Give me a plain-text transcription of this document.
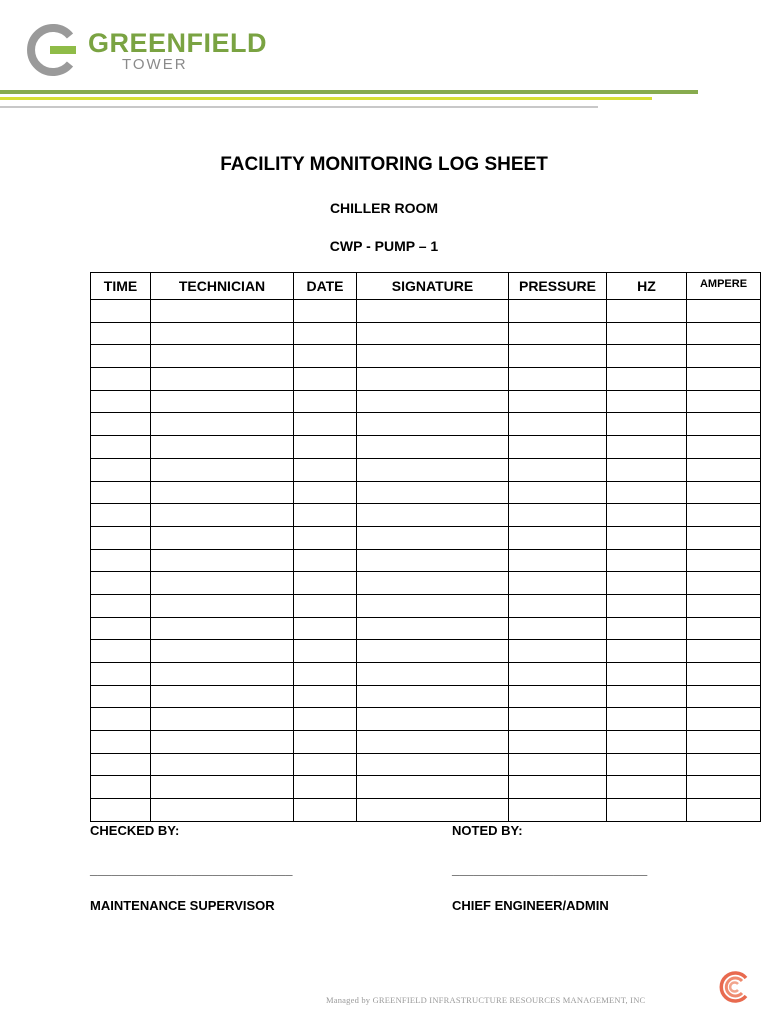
GREENFIELD
TOWER
FACILITY MONITORING LOG SHEET
CHILLER ROOM
CWP - PUMP – 1
TIME	TECHNICIAN	DATE	SIGNATURE	PRESSURE	HZ	AMPERE

CHECKED BY:
____________________________
MAINTENANCE SUPERVISOR
NOTED BY:
___________________________
CHIEF ENGINEER/ADMIN
Managed by GREENFIELD INFRASTRUCTURE RESOURCES MANAGEMENT, INC
